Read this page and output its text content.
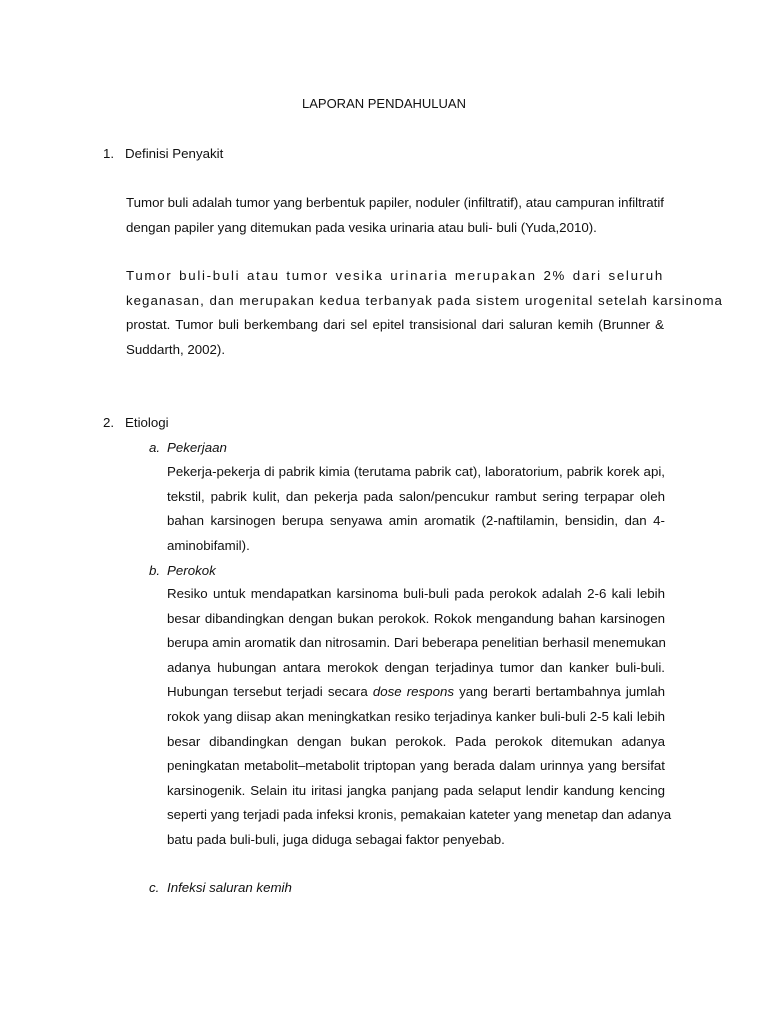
LAPORAN PENDAHULUAN
1. Definisi Penyakit

Tumor buli adalah tumor yang berbentuk papiler, noduler (infiltratif), atau campuran infiltratif dengan papiler yang ditemukan pada vesika urinaria atau buli- buli (Yuda,2010).

Tumor buli-buli atau tumor vesika urinaria merupakan 2% dari seluruh
keganasan, dan merupakan kedua terbanyak pada sistem urogenital setelah karsinoma
prostat. Tumor buli berkembang dari sel epitel transisional dari saluran kemih (Brunner &
Suddarth, 2002).

2. Etiologi
a. Pekerjaan

Pekerja-pekerja di pabrik kimia (terutama pabrik cat), laboratorium, pabrik korek api,
tekstil, pabrik kulit, dan pekerja pada salon/pencukur rambut sering terpapar oleh
bahan karsinogen berupa senyawa amin aromatik (2-naftilamin, bensidin, dan 4-
aminobifamil).

b. Perokok

Resiko untuk mendapatkan karsinoma buli-buli pada perokok adalah 2-6 kali lebih
besar dibandingkan dengan bukan perokok. Rokok mengandung bahan karsinogen
berupa amin aromatik dan nitrosamin. Dari beberapa penelitian berhasil menemukan
adanya hubungan antara merokok dengan terjadinya tumor dan kanker buli-buli.
Hubungan tersebut terjadi secara dose respons yang berarti bertambahnya jumlah
rokok yang diisap akan meningkatkan resiko terjadinya kanker buli-buli 2-5 kali lebih
besar dibandingkan dengan bukan perokok. Pada perokok ditemukan adanya
peningkatan metabolit–metabolit triptopan yang berada dalam urinnya yang bersifat
karsinogenik. Selain itu iritasi jangka panjang pada selaput lendir kandung kencing
seperti yang terjadi pada infeksi kronis, pemakaian kateter yang menetap dan adanya
batu pada buli-buli, juga diduga sebagai faktor penyebab.

c. Infeksi saluran kemih
